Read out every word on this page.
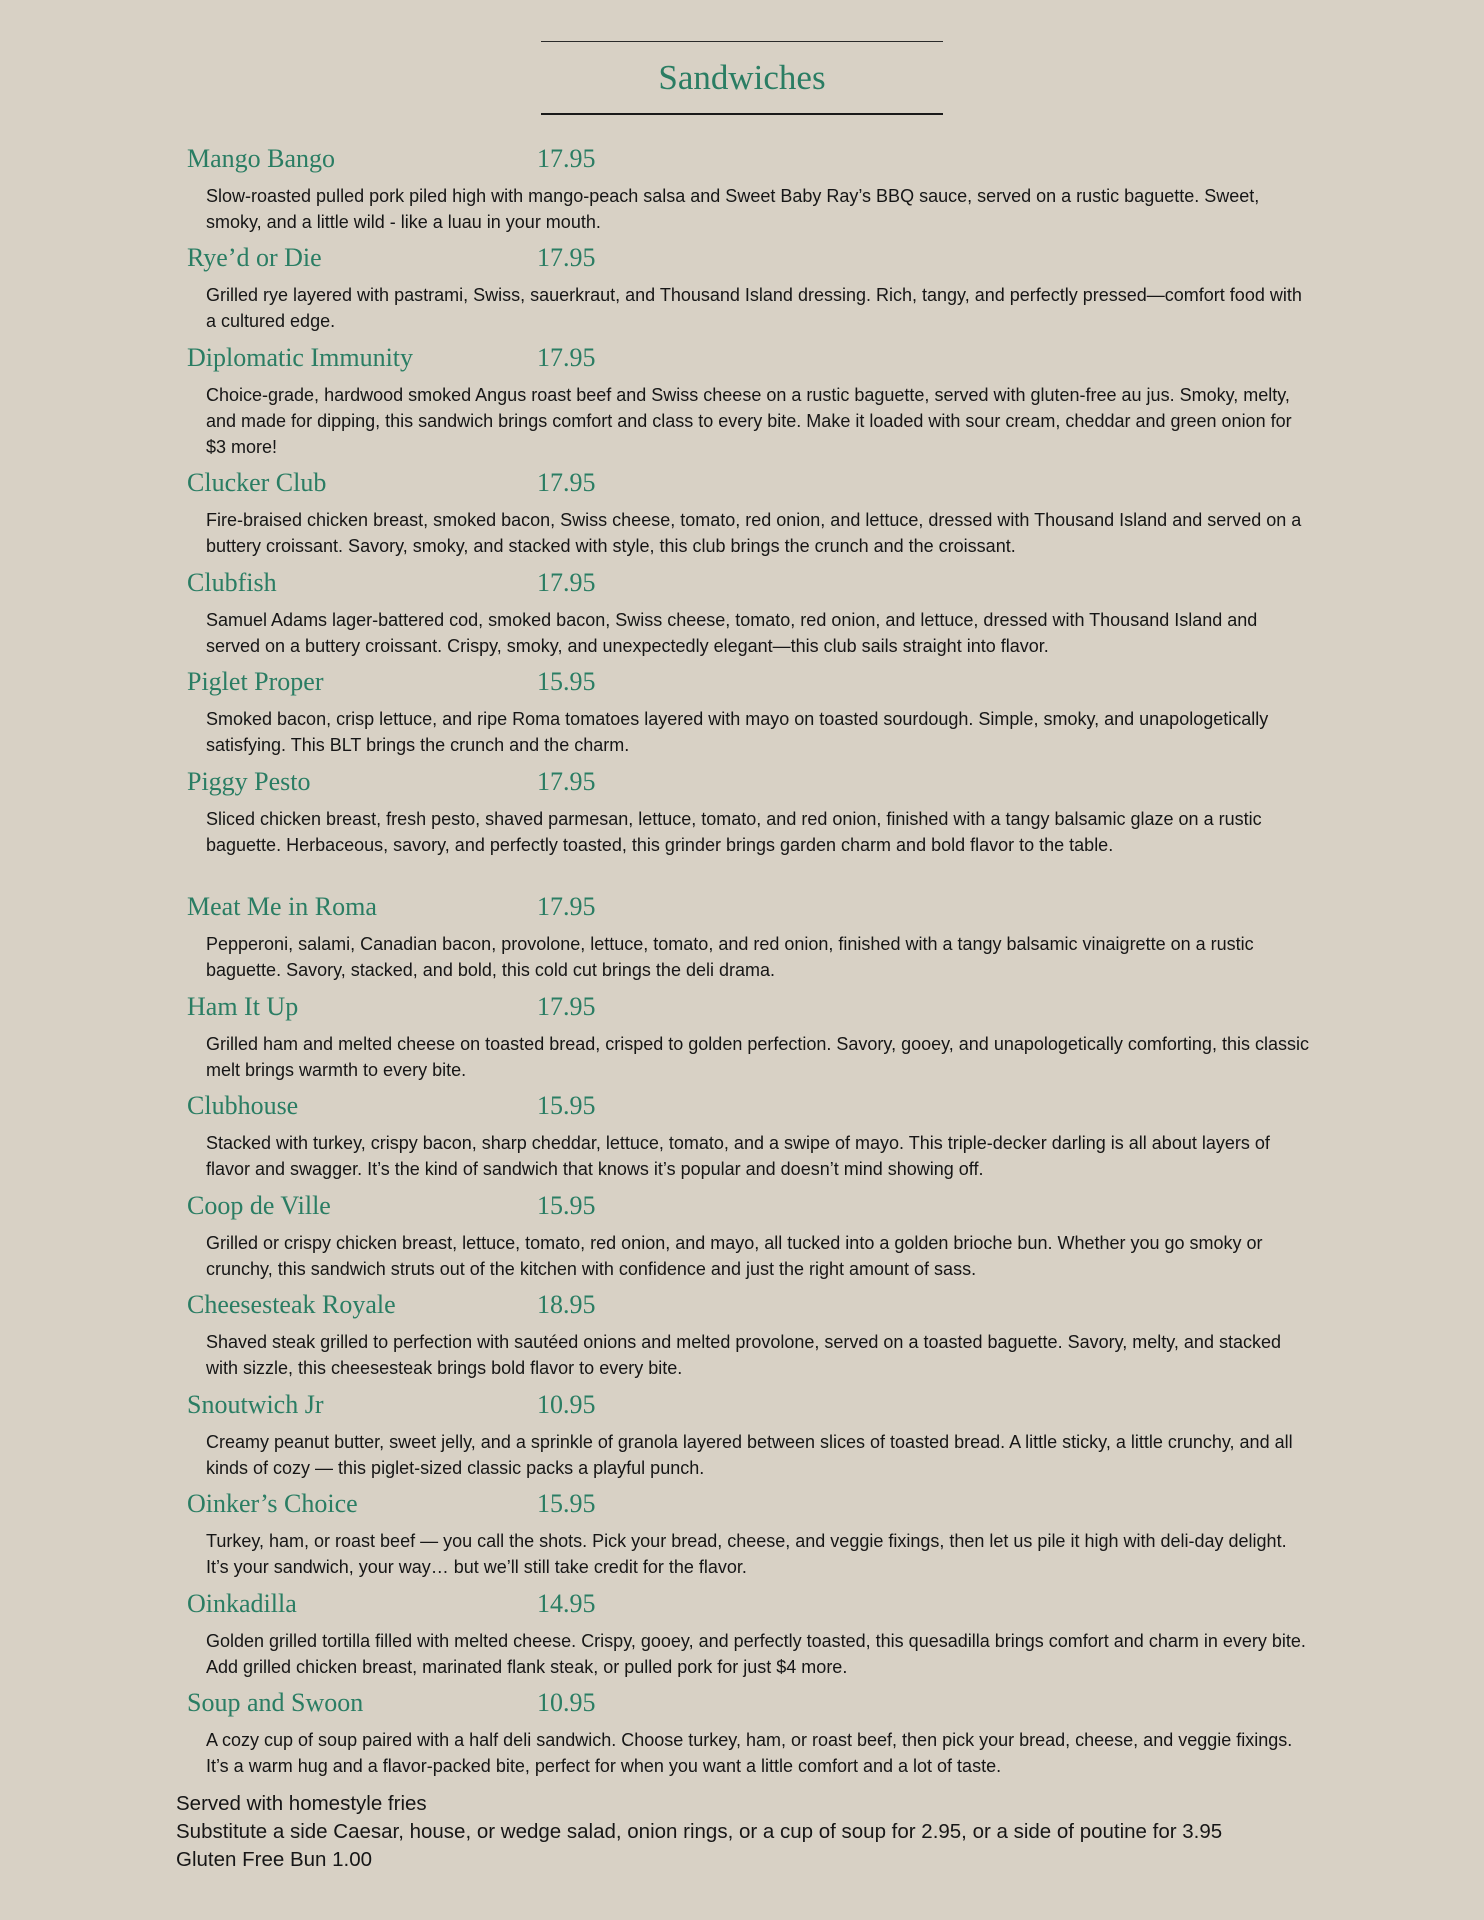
Sandwiches
Mango Bango	17.95

Slow-roasted pulled pork piled high with mango-peach salsa and Sweet Baby Ray’s BBQ sauce, served on a rustic baguette. Sweet, smoky, and a little wild - like a luau in your mouth.

Rye’d or Die	17.95

Grilled rye layered with pastrami, Swiss, sauerkraut, and Thousand Island dressing. Rich, tangy, and perfectly pressed—comfort food with a cultured edge.

Diplomatic Immunity	17.95

Choice-grade, hardwood smoked Angus roast beef and Swiss cheese on a rustic baguette, served with gluten-free au jus. Smoky, melty, and made for dipping, this sandwich brings comfort and class to every bite. Make it loaded with sour cream, cheddar and green onion for $3 more!

Clucker Club	17.95

Fire-braised chicken breast, smoked bacon, Swiss cheese, tomato, red onion, and lettuce, dressed with Thousand Island and served on a buttery croissant. Savory, smoky, and stacked with style, this club brings the crunch and the croissant.

Clubfish	17.95

Samuel Adams lager-battered cod, smoked bacon, Swiss cheese, tomato, red onion, and lettuce, dressed with Thousand Island and served on a buttery croissant. Crispy, smoky, and unexpectedly elegant—this club sails straight into flavor.

Piglet Proper	15.95

Smoked bacon, crisp lettuce, and ripe Roma tomatoes layered with mayo on toasted sourdough. Simple, smoky, and unapologetically satisfying. This BLT brings the crunch and the charm.

Piggy Pesto	17.95

Sliced chicken breast, fresh pesto, shaved parmesan, lettuce, tomato, and red onion, finished with a tangy balsamic glaze on a rustic baguette. Herbaceous, savory, and perfectly toasted, this grinder brings garden charm and bold flavor to the table.

Meat Me in Roma	17.95

Pepperoni, salami, Canadian bacon, provolone, lettuce, tomato, and red onion, finished with a tangy balsamic vinaigrette on a rustic baguette. Savory, stacked, and bold, this cold cut brings the deli drama.

Ham It Up	17.95

Grilled ham and melted cheese on toasted bread, crisped to golden perfection. Savory, gooey, and unapologetically comforting, this classic melt brings warmth to every bite.

Clubhouse	15.95

Stacked with turkey, crispy bacon, sharp cheddar, lettuce, tomato, and a swipe of mayo. This triple-decker darling is all about layers of flavor and swagger. It’s the kind of sandwich that knows it’s popular and doesn’t mind showing off.

Coop de Ville	15.95

Grilled or crispy chicken breast, lettuce, tomato, red onion, and mayo, all tucked into a golden brioche bun. Whether you go smoky or crunchy, this sandwich struts out of the kitchen with confidence and just the right amount of sass.

Cheesesteak Royale	18.95

Shaved steak grilled to perfection with sautéed onions and melted provolone, served on a toasted baguette. Savory, melty, and stacked with sizzle, this cheesesteak brings bold flavor to every bite.

Snoutwich Jr	10.95

Creamy peanut butter, sweet jelly, and a sprinkle of granola layered between slices of toasted bread. A little sticky, a little crunchy, and all kinds of cozy — this piglet-sized classic packs a playful punch.

Oinker’s Choice	15.95

Turkey, ham, or roast beef — you call the shots. Pick your bread, cheese, and veggie fixings, then let us pile it high with deli-day delight. It’s your sandwich, your way… but we’ll still take credit for the flavor.

Oinkadilla	14.95

Golden grilled tortilla filled with melted cheese. Crispy, gooey, and perfectly toasted, this quesadilla brings comfort and charm in every bite. Add grilled chicken breast, marinated flank steak, or pulled pork for just $4 more.

Soup and Swoon	10.95

A cozy cup of soup paired with a half deli sandwich. Choose turkey, ham, or roast beef, then pick your bread, cheese, and veggie fixings. It’s a warm hug and a flavor-packed bite, perfect for when you want a little comfort and a lot of taste.

Served with homestyle fries
Substitute a side Caesar, house, or wedge salad, onion rings, or a cup of soup for 2.95, or a side of poutine for 3.95
Gluten Free Bun 1.00
